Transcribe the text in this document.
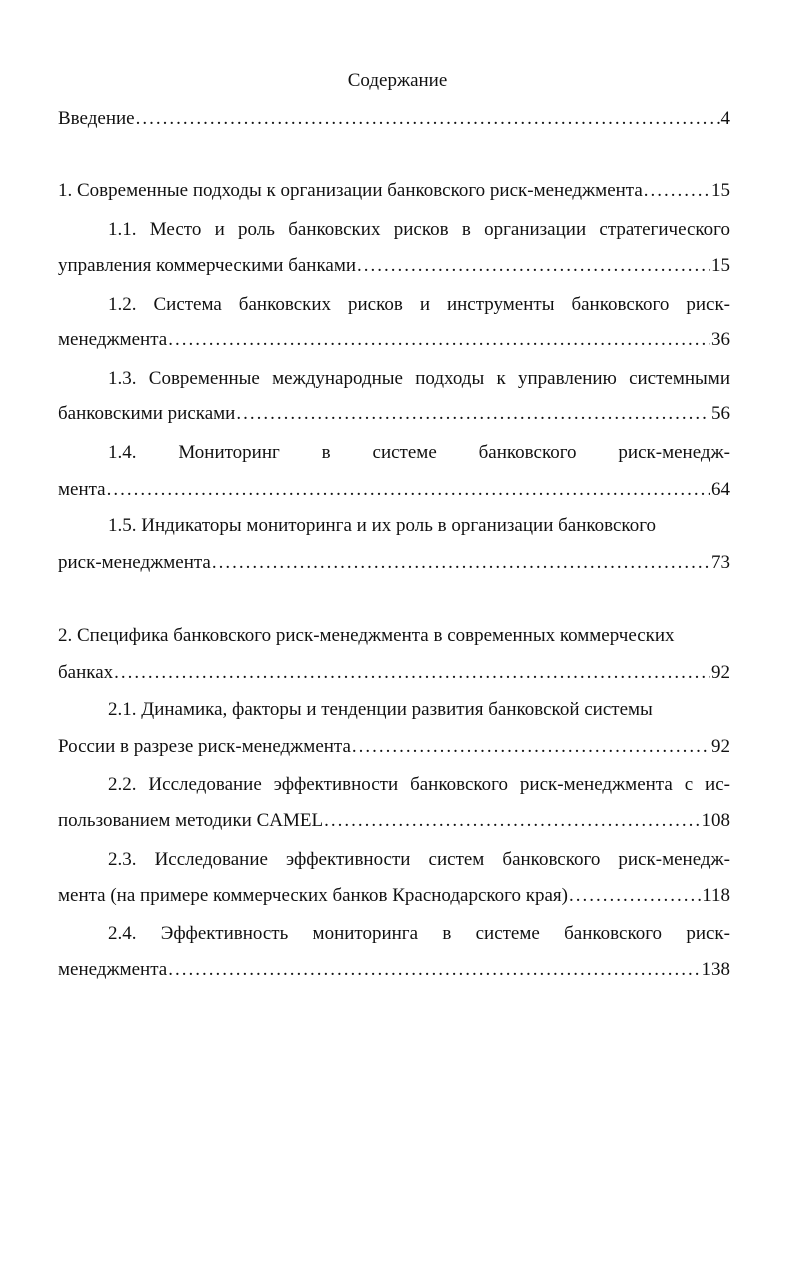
Содержание
Введение .....	4
1. Современные подходы к организации банковского риск-менеджмента .....	15
1.1. Место и роль банковских рисков в организации стратегического
управления коммерческими банками .....	15
1.2. Система банковских рисков и инструменты банковского риск-
менеджмента .....	36
1.3. Современные международные подходы к управлению системными
банковскими рисками .....	56
1.4. Мониторинг в системе банковского риск-менедж-
мента .....	64
1.5. Индикаторы мониторинга и их роль в организации банковского
риск-менеджмента .....	73
2. Специфика банковского риск-менеджмента в современных коммерческих
банках .....	92
2.1. Динамика, факторы и тенденции развития банковской системы
России в разрезе риск-менеджмента .....	92
2.2. Исследование эффективности банковского риск-менеджмента с ис-
пользованием методики CAMEL .....	108
2.3. Исследование эффективности систем банковского риск-менедж-
мента (на примере коммерческих банков Краснодарского края) .....	118
2.4. Эффективность мониторинга в системе банковского риск-
менеджмента .....	138
